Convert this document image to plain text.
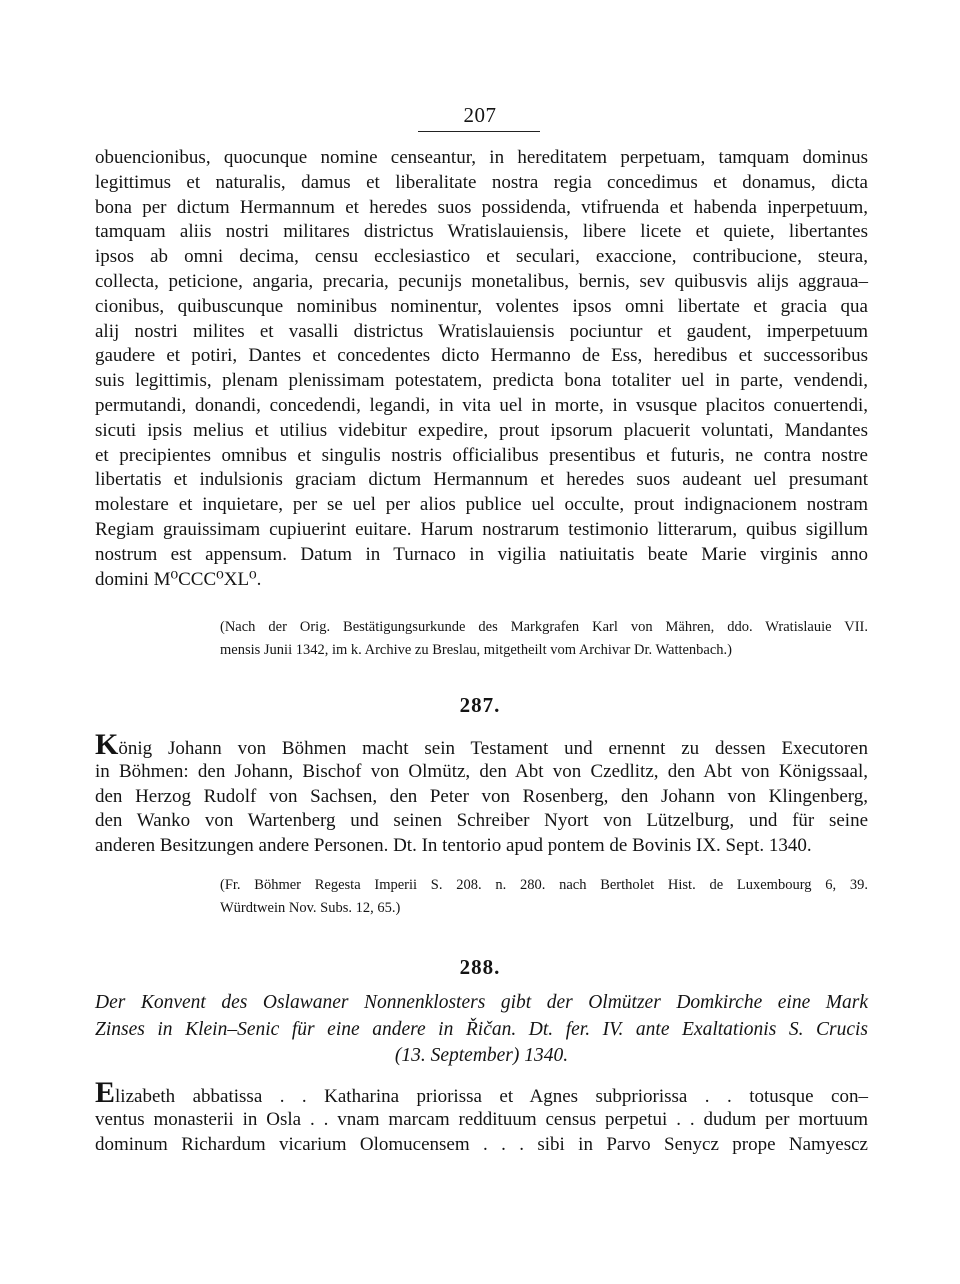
207
obuencionibus, quocunque nomine censeantur, in hereditatem perpetuam, tamquam dominus
legittimus et naturalis, damus et liberalitate nostra regia concedimus et donamus, dicta
bona per dictum Hermannum et heredes suos possidenda, vtifruenda et habenda inperpetuum,
tamquam aliis nostri militares districtus Wratislauiensis, libere licete et quiete, libertantes
ipsos ab omni decima, censu ecclesiastico et seculari, exaccione, contribucione, steura,
collecta, peticione, angaria, precaria, pecunijs monetalibus, bernis, sev quibusvis alijs aggraua–
cionibus, quibuscunque nominibus nominentur, volentes ipsos omni libertate et gracia qua
alij nostri milites et vasalli districtus Wratislauiensis pociuntur et gaudent, imperpetuum
gaudere et potiri, Dantes et concedentes dicto Hermanno de Ess, heredibus et successoribus
suis legittimis, plenam plenissimam potestatem, predicta bona totaliter uel in parte, vendendi,
permutandi, donandi, concedendi, legandi, in vita uel in morte, in vsusque placitos conuertendi,
sicuti ipsis melius et utilius videbitur expedire, prout ipsorum placuerit voluntati, Mandantes
et precipientes omnibus et singulis nostris officialibus presentibus et futuris, ne contra nostre
libertatis et indulsionis graciam dictum Hermannum et heredes suos audeant uel presumant
molestare et inquietare, per se uel per alios publice uel occulte, prout indignacionem nostram
Regiam grauissimam cupiuerint euitare. Harum nostrarum testimonio litterarum, quibus sigillum
nostrum est appensum. Datum in Turnaco in vigilia natiuitatis beate Marie virginis anno
domini M⁰CCC⁰XL⁰.
(Nach der Orig. Bestätigungsurkunde des Markgrafen Karl von Mähren, ddo. Wratislauie VII.
mensis Junii 1342, im k. Archive zu Breslau, mitgetheilt vom Archivar Dr. Wattenbach.)
287.
König Johann von Böhmen macht sein Testament und ernennt zu dessen Executoren
in Böhmen: den Johann, Bischof von Olmütz, den Abt von Czedlitz, den Abt von Königssaal,
den Herzog Rudolf von Sachsen, den Peter von Rosenberg, den Johann von Klingenberg,
den Wanko von Wartenberg und seinen Schreiber Nyort von Lützelburg, und für seine
anderen Besitzungen andere Personen. Dt. In tentorio apud pontem de Bovinis IX. Sept. 1340.
(Fr. Böhmer Regesta Imperii S. 208. n. 280. nach Bertholet Hist. de Luxembourg 6, 39.
Würdtwein Nov. Subs. 12, 65.)
288.
Der Konvent des Oslawaner Nonnenklosters gibt der Olmützer Domkirche eine Mark
Zinses in Klein–Senic für eine andere in Řičan. Dt. fer. IV. ante Exaltationis S. Crucis
(13. September) 1340.
Elizabeth abbatissa . . Katharina priorissa et Agnes subpriorissa . . totusque con–
ventus monasterii in Osla . . vnam marcam reddituum census perpetui . . dudum per mortuum
dominum Richardum vicarium Olomucensem . . . sibi in Parvo Senycz prope Namyescz
